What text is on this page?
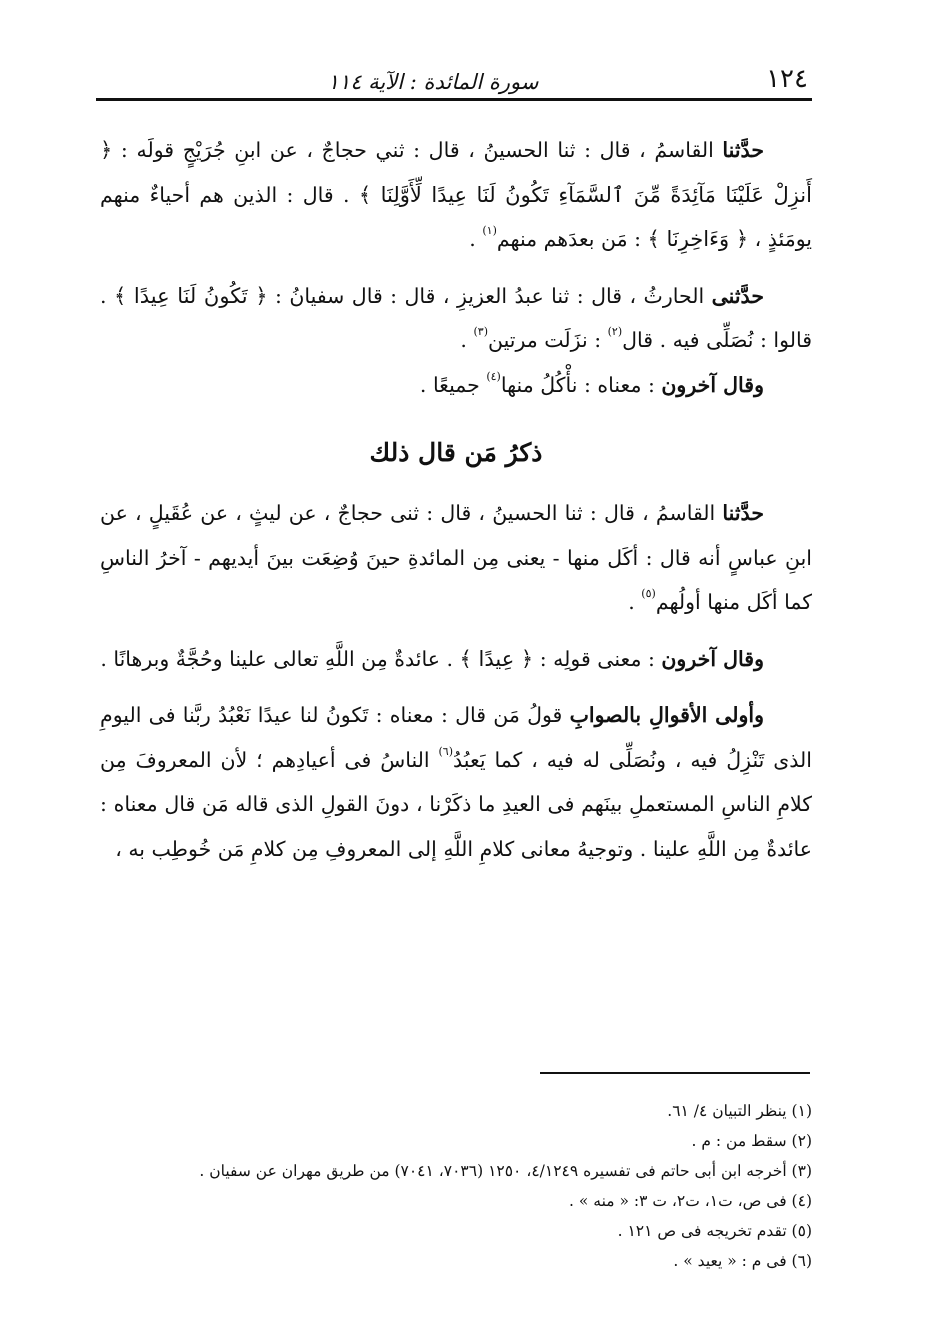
١٢٤
سورة المائدة : الآية ١١٤

حدَّثنا القاسمُ ، قال : ثنا الحسينُ ، قال : ثني حجاجٌ ، عن ابنِ جُرَيْجٍ قولَه : ﴿ أَنزِلْ عَلَيْنَا مَآئِدَةً مِّنَ ٱلسَّمَآءِ تَكُونُ لَنَا عِيدًا لِّأَوَّلِنَا ﴾ . قال : الذين هم أحياءٌ منهم يومَئذٍ ، ﴿ وَءَاخِرِنَا ﴾ : مَن بعدَهم منهم$^{(١)}$ .

حدَّثنى الحارثُ ، قال : ثنا عبدُ العزيزِ ، قال : قال سفيانُ : ﴿ تَكُونُ لَنَا عِيدًا ﴾ . قالوا : نُصَلِّى فيه . قال$^{(٢)}$ : نزَلَت مرتين$^{(٣)}$ .

وقال آخرون : معناه : نأْكُلُ منها$^{(٤)}$ جميعًا .

ذكرُ مَن قال ذلك

حدَّثنا القاسمُ ، قال : ثنا الحسينُ ، قال : ثنى حجاجٌ ، عن ليثٍ ، عن عُقَيلٍ ، عن ابنِ عباسٍ أنه قال : أكَل منها - يعنى مِن المائدةِ حينَ وُضِعَت بينَ أيديهم - آخرُ الناسِ كما أكَل منها أولُهم$^{(٥)}$ .

وقال آخرون : معنى قولِه : ﴿ عِيدًا ﴾ . عائدةٌ مِن اللَّهِ تعالى علينا وحُجَّةٌ وبرهانًا .

وأولى الأقوالِ بالصوابِ قولُ مَن قال : معناه : تَكونُ لنا عيدًا نَعْبُدُ ربَّنا فى اليومِ الذى تَنْزِلُ فيه ، ونُصَلِّى له فيه ، كما يَعبُدُ$^{(٦)}$ الناسُ فى أعيادِهم ؛ لأن المعروفَ مِن كلامِ الناسِ المستعملِ بينَهم فى العيدِ ما ذكَرْنا ، دونَ القولِ الذى قاله مَن قال معناه : عائدةٌ مِن اللَّهِ علينا . وتوجيهُ معانى كلامِ اللَّهِ إلى المعروفِ مِن كلامِ مَن خُوطِب به ،

(١) ينظر التبيان ٤/ ٦١.

(٢) سقط من : م .

(٣) أخرجه ابن أبى حاتم فى تفسيره ٤/١٢٤٩، ١٢٥٠ (٧٠٣٦، ٧٠٤١) من طريق مهران عن سفيان .

(٤) فى ص، ت١، ت٢، ت ٣: « منه » .

(٥) تقدم تخريجه فى ص ١٢١ .

(٦) فى م : « يعيد » .
